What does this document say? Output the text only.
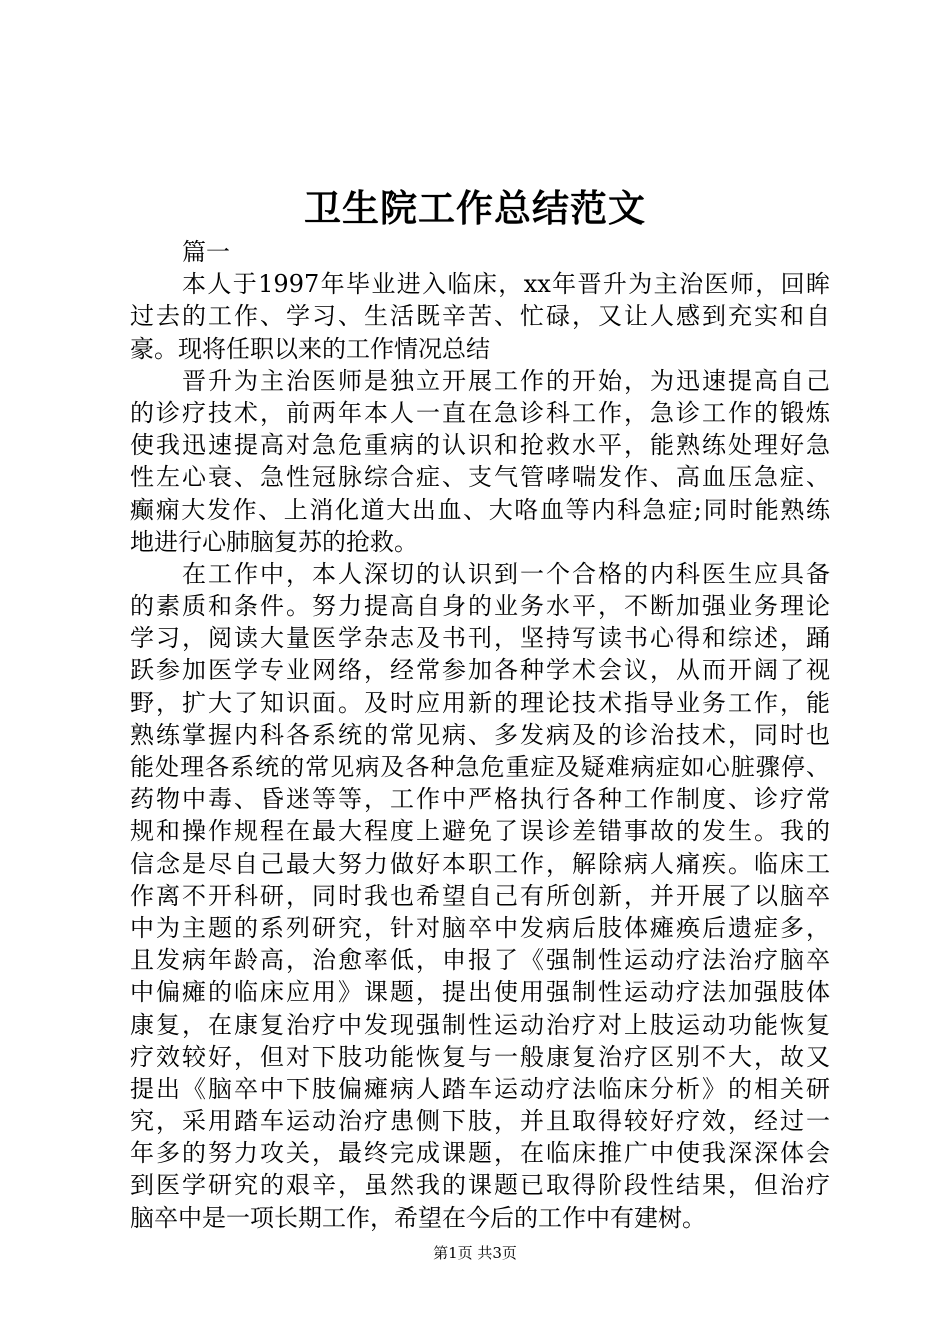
卫生院工作总结范文
篇一
本人于1997年毕业进入临床，xx年晋升为主治医师，回眸
过去的工作、学习、生活既辛苦、忙碌，又让人感到充实和自
豪。现将任职以来的工作情况总结
晋升为主治医师是独立开展工作的开始，为迅速提高自己
的诊疗技术，前两年本人一直在急诊科工作，急诊工作的锻炼
使我迅速提高对急危重病的认识和抢救水平，能熟练处理好急
性左心衰、急性冠脉综合症、支气管哮喘发作、高血压急症、
癫痫大发作、上消化道大出血、大咯血等内科急症;同时能熟练
地进行心肺脑复苏的抢救。
在工作中，本人深切的认识到一个合格的内科医生应具备
的素质和条件。努力提高自身的业务水平，不断加强业务理论
学习，阅读大量医学杂志及书刊，坚持写读书心得和综述，踊
跃参加医学专业网络，经常参加各种学术会议，从而开阔了视
野，扩大了知识面。及时应用新的理论技术指导业务工作，能
熟练掌握内科各系统的常见病、多发病及的诊治技术，同时也
能处理各系统的常见病及各种急危重症及疑难病症如心脏骤停、
药物中毒、昏迷等等，工作中严格执行各种工作制度、诊疗常
规和操作规程在最大程度上避免了误诊差错事故的发生。我的
信念是尽自己最大努力做好本职工作，解除病人痛疾。临床工
作离不开科研，同时我也希望自己有所创新，并开展了以脑卒
中为主题的系列研究，针对脑卒中发病后肢体瘫痪后遗症多，
且发病年龄高，治愈率低，申报了《强制性运动疗法治疗脑卒
中偏瘫的临床应用》课题，提出使用强制性运动疗法加强肢体
康复，在康复治疗中发现强制性运动治疗对上肢运动功能恢复
疗效较好，但对下肢功能恢复与一般康复治疗区别不大，故又
提出《脑卒中下肢偏瘫病人踏车运动疗法临床分析》的相关研
究，采用踏车运动治疗患侧下肢，并且取得较好疗效，经过一
年多的努力攻关，最终完成课题，在临床推广中使我深深体会
到医学研究的艰辛，虽然我的课题已取得阶段性结果，但治疗
脑卒中是一项长期工作，希望在今后的工作中有建树。
第1页 共3页
